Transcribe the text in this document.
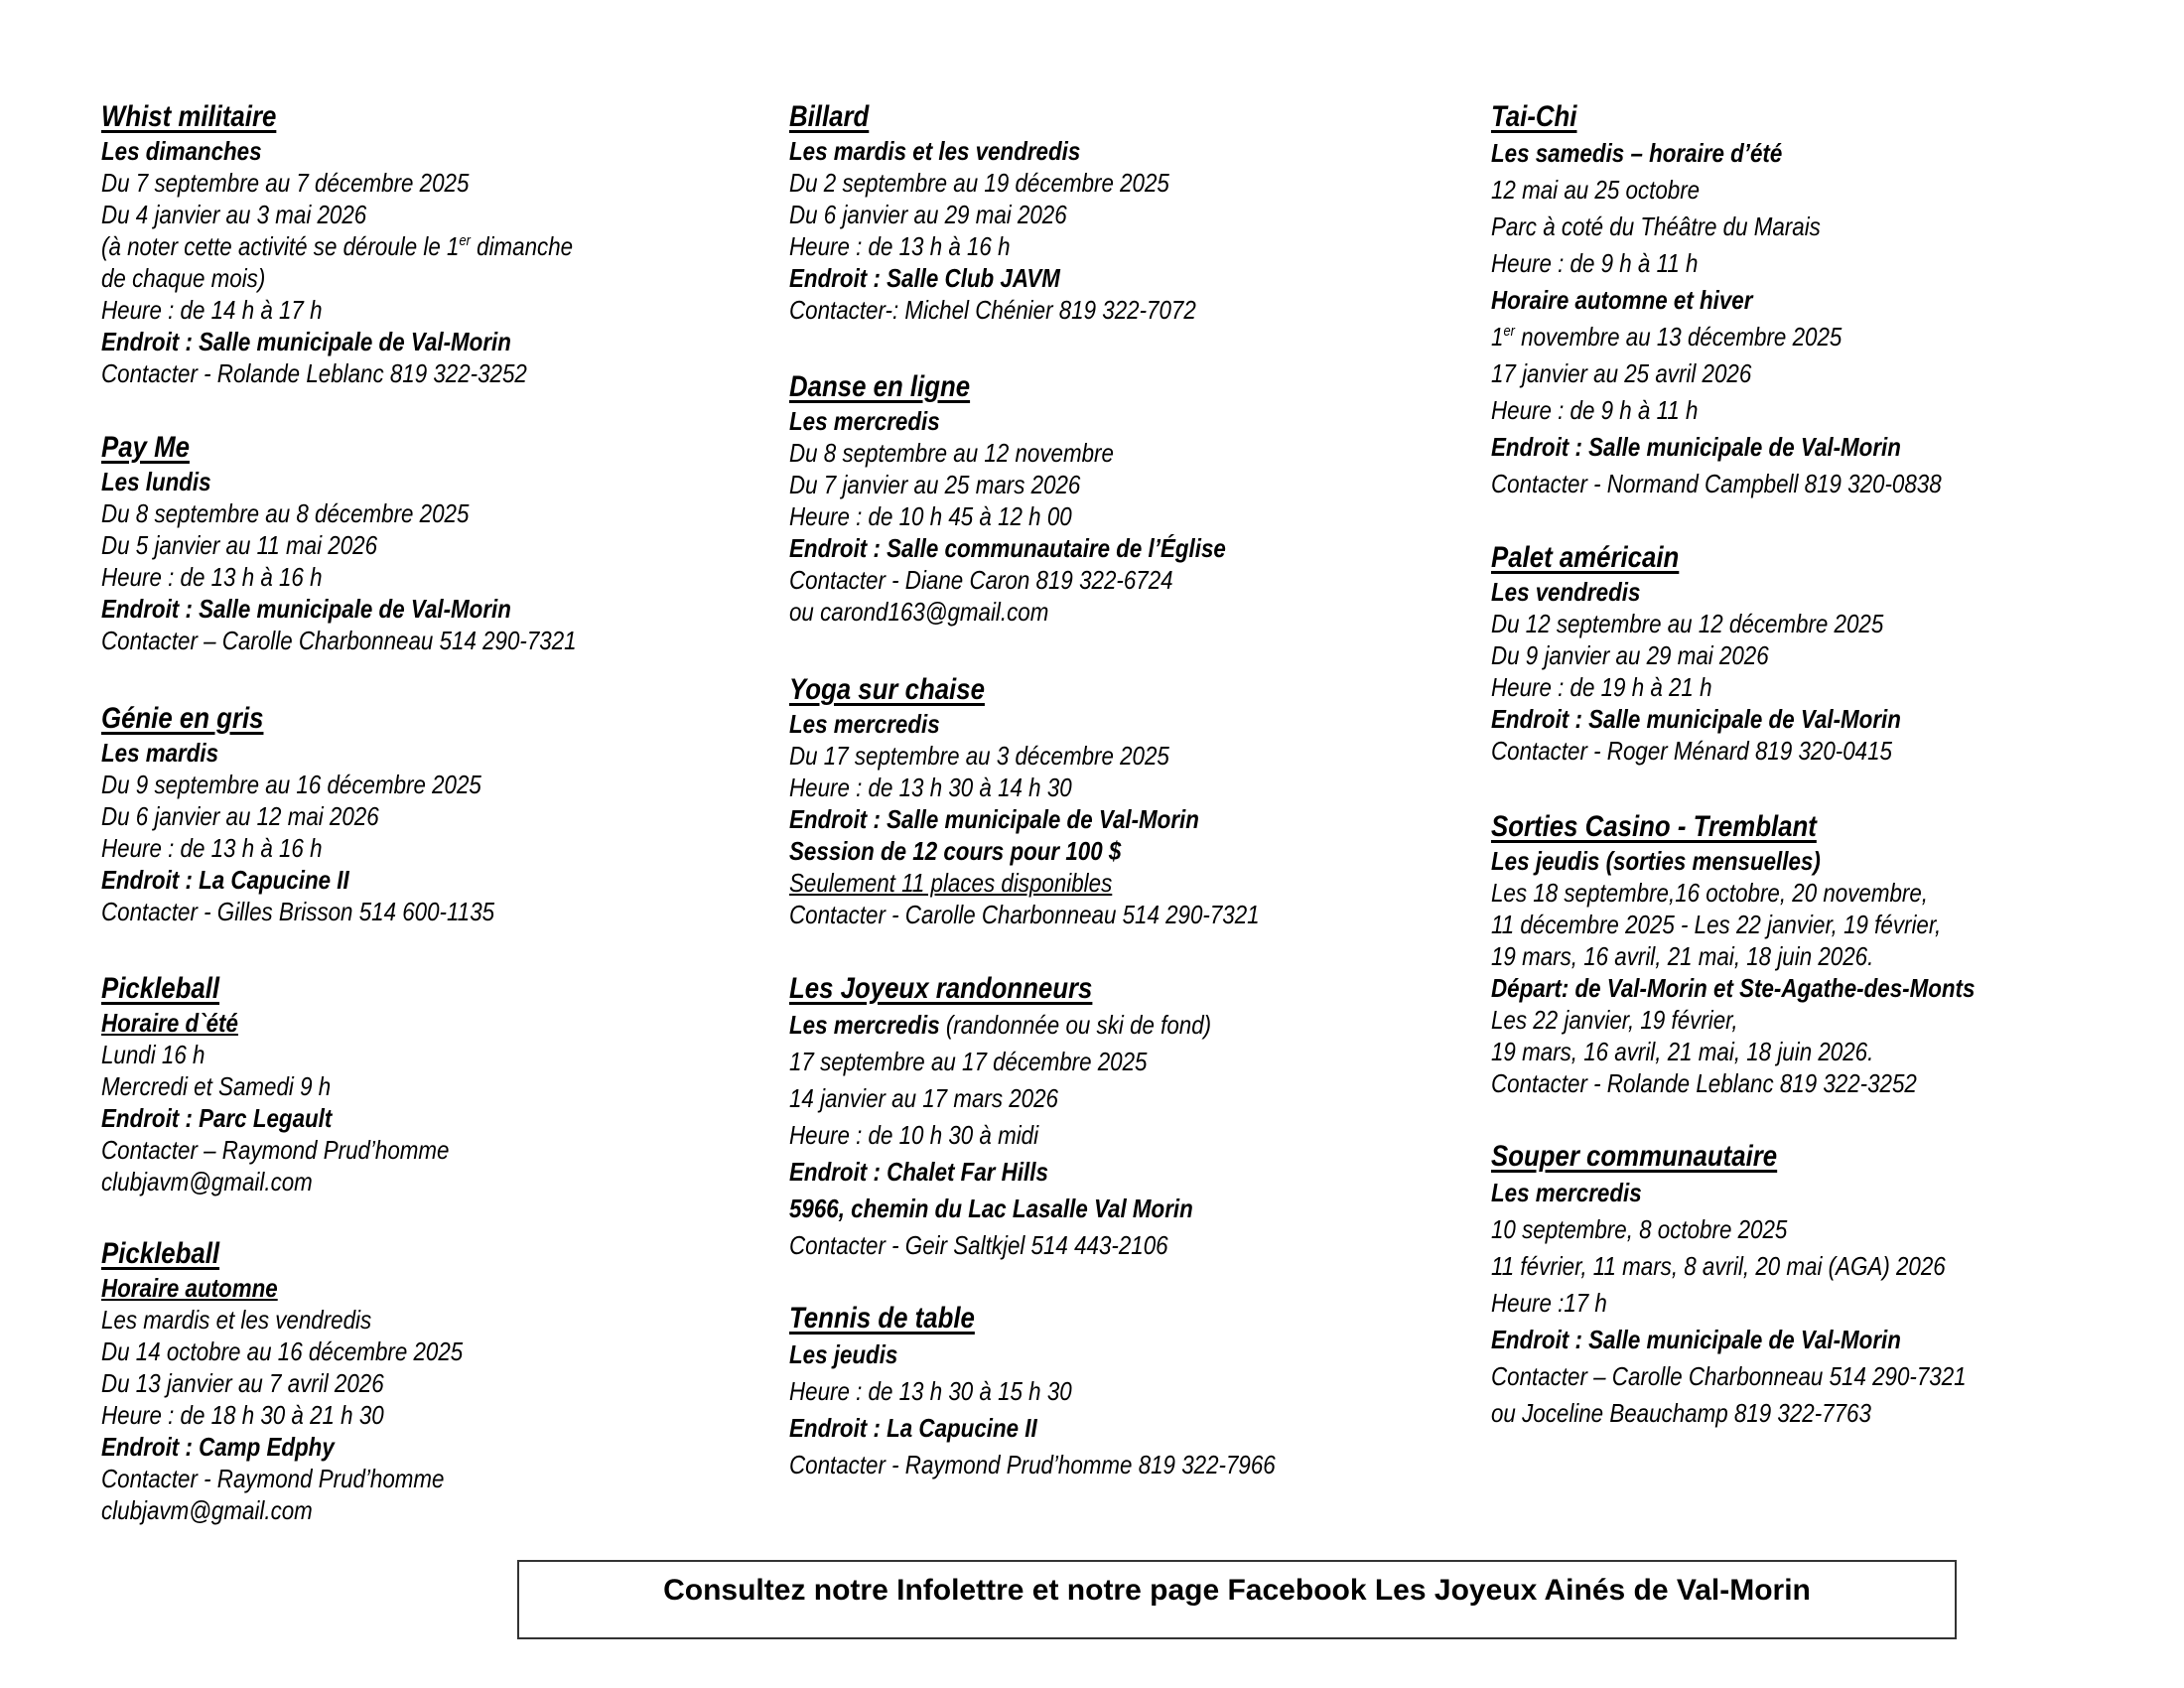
Whist militaire
Les dimanches
Du 7 septembre au 7 décembre 2025
Du 4 janvier au 3 mai 2026
(à noter cette activité se déroule le 1er dimanche
de chaque mois)
Heure : de 14 h à 17 h
Endroit : Salle municipale de Val-Morin
Contacter - Rolande Leblanc 819 322-3252
Pay Me
Les lundis
Du 8 septembre au 8 décembre 2025
Du 5 janvier au 11 mai 2026
Heure : de 13 h à 16 h
Endroit : Salle municipale de Val-Morin
Contacter – Carolle Charbonneau 514 290-7321
Génie en gris
Les mardis
Du 9 septembre au 16 décembre 2025
Du 6 janvier au 12 mai 2026
Heure : de 13 h à 16 h
Endroit : La Capucine II
Contacter - Gilles Brisson 514 600-1135
Pickleball
Horaire d`été
Lundi 16 h
Mercredi et Samedi 9 h
Endroit : Parc Legault
Contacter – Raymond Prud’homme
clubjavm@gmail.com
Pickleball
Horaire automne
Les mardis et les vendredis
Du 14 octobre au 16 décembre 2025
Du 13 janvier au 7 avril 2026
Heure : de 18 h 30 à 21 h 30
Endroit : Camp Edphy
Contacter - Raymond Prud’homme
clubjavm@gmail.com
Billard
Les mardis et les vendredis
Du 2 septembre au 19 décembre 2025
Du 6 janvier au 29 mai 2026
Heure : de 13 h à 16 h
Endroit : Salle Club JAVM
Contacter-: Michel Chénier 819 322-7072
Danse en ligne
Les mercredis
Du 8 septembre au 12 novembre
Du 7 janvier au 25 mars 2026
Heure : de 10 h 45 à 12 h 00
Endroit : Salle communautaire de l’Église
Contacter - Diane Caron 819 322-6724
ou carond163@gmail.com
Yoga sur chaise
Les mercredis
Du 17 septembre au 3 décembre 2025
Heure : de 13 h 30 à 14 h 30
Endroit : Salle municipale de Val-Morin
Session de 12 cours pour 100 $
Seulement 11 places disponibles
Contacter - Carolle Charbonneau 514 290-7321
Les Joyeux randonneurs
Les mercredis (randonnée ou ski de fond)
17 septembre au 17 décembre 2025
14 janvier au 17 mars 2026
Heure : de 10 h 30 à midi
Endroit : Chalet Far Hills
5966, chemin du Lac Lasalle Val Morin
Contacter - Geir Saltkjel 514 443-2106
Tennis de table
Les jeudis
Heure : de 13 h 30 à 15 h 30
Endroit : La Capucine II
Contacter - Raymond Prud’homme 819 322-7966
Tai-Chi
Les samedis – horaire d’été
12 mai au 25 octobre
Parc à coté du Théâtre du Marais
Heure : de 9 h à 11 h
Horaire automne et hiver
1er novembre au 13 décembre 2025
17 janvier au 25 avril 2026
Heure : de 9 h à 11 h
Endroit : Salle municipale de Val-Morin
Contacter - Normand Campbell 819 320-0838
Palet américain
Les vendredis
Du 12 septembre au 12 décembre 2025
Du 9 janvier au 29 mai 2026
Heure : de 19 h à 21 h
Endroit : Salle municipale de Val-Morin
Contacter - Roger Ménard 819 320-0415
Sorties Casino - Tremblant
Les jeudis (sorties mensuelles)
Les 18 septembre,16 octobre, 20 novembre,
11 décembre 2025 - Les 22 janvier, 19 février,
19 mars, 16 avril, 21 mai, 18 juin 2026.
Départ: de Val-Morin et Ste-Agathe-des-Monts
Les 22 janvier, 19 février,
19 mars, 16 avril, 21 mai, 18 juin 2026.
Contacter - Rolande Leblanc 819 322-3252
Souper communautaire
Les mercredis
10 septembre, 8 octobre 2025
11 février, 11 mars, 8 avril, 20 mai (AGA) 2026
Heure :17 h
Endroit : Salle municipale de Val-Morin
Contacter – Carolle Charbonneau 514 290-7321
ou Joceline Beauchamp 819 322-7763
Consultez notre Infolettre et notre page Facebook Les Joyeux Ainés de Val-Morin
